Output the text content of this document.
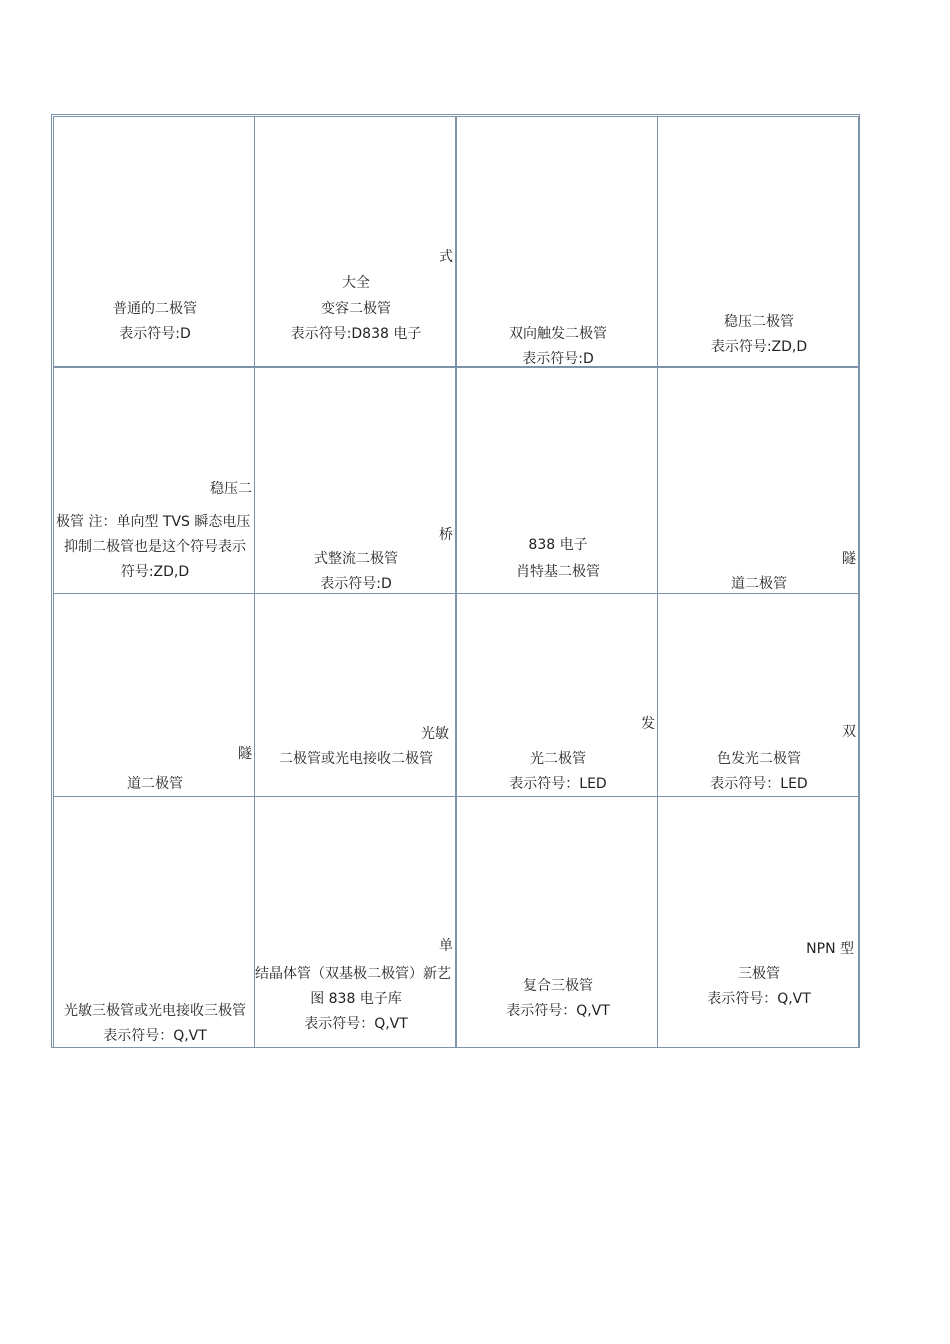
普通的二极管
表示符号:D
式
大全
变容二极管
表示符号:D838 电子	双向触发二极管
表示符号:D
稳压二极管
表示符号:ZD,D
稳压二
极管 注：单向型 TVS 瞬态电压
抑制二极管也是这个符号表示
符号:ZD,D
桥
式整流二极管
表示符号:D
838 电子
肖特基二极管
隧
道二极管
隧
道二极管
光敏
二极管或光电接收二极管
发
光二极管
表示符号：LED
双
色发光二极管
表示符号：LED
光敏三极管或光电接收三极管
表示符号：Q,VT
单
结晶体管（双基极二极管）新艺
图 838 电子库
表示符号：Q,VT
复合三极管
表示符号：Q,VT
NPN 型
三极管
表示符号：Q,VT
